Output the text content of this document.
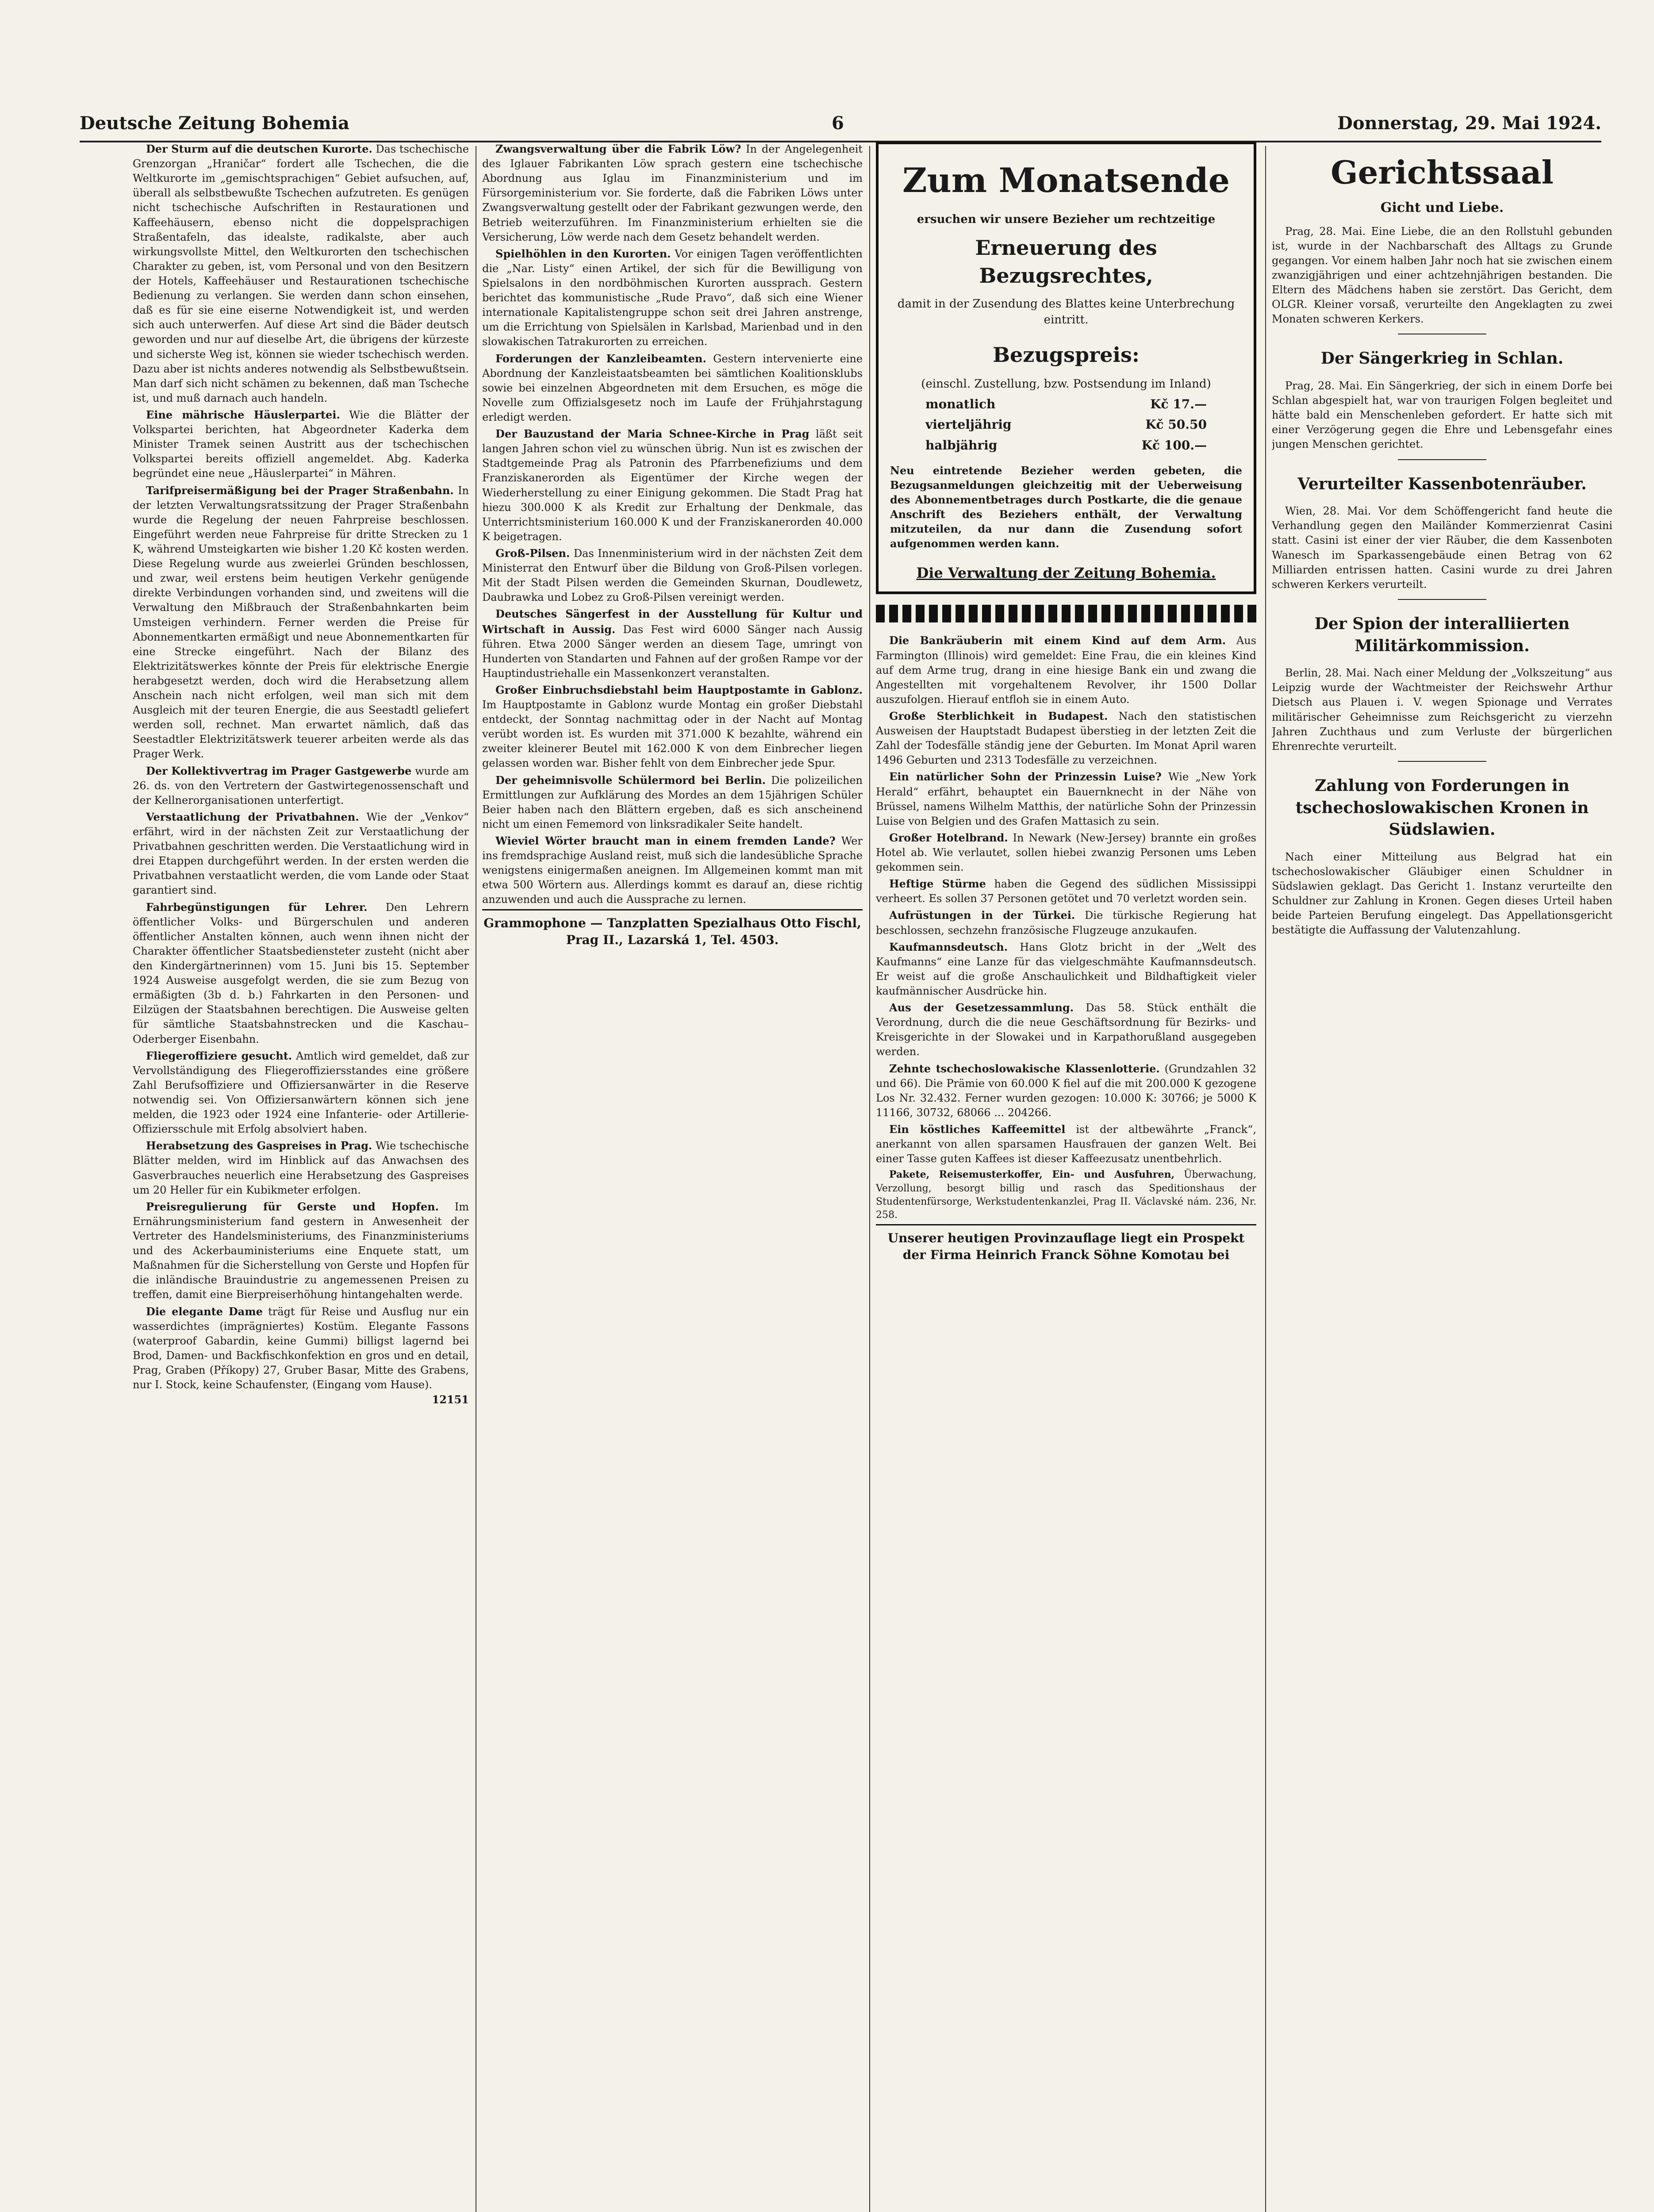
Deutsche Zeitung Bohemia	6	Donnerstag, 29. Mai 1924.

Der Sturm auf die deutschen Kurorte. Das tschechische Grenzorgan „Hraničar“ fordert alle Tschechen, die die Weltkurorte im „gemischtsprachigen“ Gebiet aufsuchen, auf, überall als selbstbewußte Tschechen aufzutreten. Es genügen nicht tschechische Aufschriften in Restaurationen und Kaffeehäusern, ebenso nicht die doppelsprachigen Straßentafeln, das idealste, radikalste, aber auch wirkungsvollste Mittel, den Weltkurorten den tschechischen Charakter zu geben, ist, vom Personal und von den Besitzern der Hotels, Kaffeehäuser und Restaurationen tschechische Bedienung zu verlangen. Sie werden dann schon einsehen, daß es für sie eine eiserne Notwendigkeit ist, und werden sich auch unterwerfen. Auf diese Art sind die Bäder deutsch geworden und nur auf dieselbe Art, die übrigens der kürzeste und sicherste Weg ist, können sie wieder tschechisch werden. Dazu aber ist nichts anderes notwendig als Selbstbewußtsein. Man darf sich nicht schämen zu bekennen, daß man Tscheche ist, und muß darnach auch handeln.

Eine mährische Häuslerpartei. Wie die Blätter der Volkspartei berichten, hat Abgeordneter Kaderka dem Minister Tramek seinen Austritt aus der tschechischen Volkspartei bereits offiziell angemeldet. Abg. Kaderka begründet eine neue „Häuslerpartei“ in Mähren.

Tarifpreisermäßigung bei der Prager Straßenbahn. In der letzten Verwaltungsratssitzung der Prager Straßenbahn wurde die Regelung der neuen Fahrpreise beschlossen. Eingeführt werden neue Fahrpreise für dritte Strecken zu 1 K, während Umsteigkarten wie bisher 1.20 Kč kosten werden. Diese Regelung wurde aus zweierlei Gründen beschlossen, und zwar, weil erstens beim heutigen Verkehr genügende direkte Verbindungen vorhanden sind, und zweitens will die Verwaltung den Mißbrauch der Straßenbahnkarten beim Umsteigen verhindern. Ferner werden die Preise für Abonnementkarten ermäßigt und neue Abonnementkarten für eine Strecke eingeführt. Nach der Bilanz des Elektrizitätswerkes könnte der Preis für elektrische Energie herabgesetzt werden, doch wird die Herabsetzung allem Anschein nach nicht erfolgen, weil man sich mit dem Ausgleich mit der teuren Energie, die aus Seestadtl geliefert werden soll, rechnet. Man erwartet nämlich, daß das Seestadtler Elektrizitätswerk teuerer arbeiten werde als das Prager Werk.

Der Kollektivvertrag im Prager Gastgewerbe wurde am 26. ds. von den Vertretern der Gastwirtegenossenschaft und der Kellnerorganisationen unterfertigt.

Verstaatlichung der Privatbahnen. Wie der „Venkov“ erfährt, wird in der nächsten Zeit zur Verstaatlichung der Privatbahnen geschritten werden. Die Verstaatlichung wird in drei Etappen durchgeführt werden. In der ersten werden die Privatbahnen verstaatlicht werden, die vom Lande oder Staat garantiert sind.

Fahrbegünstigungen für Lehrer. Den Lehrern öffentlicher Volks- und Bürgerschulen und anderen öffentlicher Anstalten können, auch wenn ihnen nicht der Charakter öffentlicher Staatsbediensteter zusteht (nicht aber den Kindergärtnerinnen) vom 15. Juni bis 15. September 1924 Ausweise ausgefolgt werden, die sie zum Bezug von ermäßigten (3b d. b.) Fahrkarten in den Personen- und Eilzügen der Staatsbahnen berechtigen. Die Ausweise gelten für sämtliche Staatsbahnstrecken und die Kaschau–Oderberger Eisenbahn.

Fliegeroffiziere gesucht. Amtlich wird gemeldet, daß zur Vervollständigung des Fliegeroffiziersstandes eine größere Zahl Berufsoffiziere und Offiziersanwärter in die Reserve notwendig sei. Von Offiziersanwärtern können sich jene melden, die 1923 oder 1924 eine Infanterie- oder Artillerie-Offiziersschule mit Erfolg absolviert haben.

Herabsetzung des Gaspreises in Prag. Wie tschechische Blätter melden, wird im Hinblick auf das Anwachsen des Gasverbrauches neuerlich eine Herabsetzung des Gaspreises um 20 Heller für ein Kubikmeter erfolgen.

Preisregulierung für Gerste und Hopfen. Im Ernährungsministerium fand gestern in Anwesenheit der Vertreter des Handelsministeriums, des Finanzministeriums und des Ackerbauministeriums eine Enquete statt, um Maßnahmen für die Sicherstellung von Gerste und Hopfen für die inländische Brauindustrie zu angemessenen Preisen zu treffen, damit eine Bierpreiserhöhung hintangehalten werde.

Die elegante Dame trägt für Reise und Ausflug nur ein wasserdichtes (imprägniertes) Kostüm. Elegante Fassons (waterproof Gabardin, keine Gummi) billigst lagernd bei Brod, Damen- und Backfischkonfektion en gros und en detail, Prag, Graben (Příkopy) 27, Gruber Basar, Mitte des Grabens, nur I. Stock, keine Schaufenster, (Eingang vom Hause).
12151

Zwangsverwaltung über die Fabrik Löw? In der Angelegenheit des Iglauer Fabrikanten Löw sprach gestern eine tschechische Abordnung aus Iglau im Finanzministerium und im Fürsorgeministerium vor. Sie forderte, daß die Fabriken Löws unter Zwangsverwaltung gestellt oder der Fabrikant gezwungen werde, den Betrieb weiterzuführen. Im Finanzministerium erhielten sie die Versicherung, Löw werde nach dem Gesetz behandelt werden.

Spielhöhlen in den Kurorten. Vor einigen Tagen veröffentlichten die „Nar. Listy“ einen Artikel, der sich für die Bewilligung von Spielsalons in den nordböhmischen Kurorten aussprach. Gestern berichtet das kommunistische „Rude Pravo“, daß sich eine Wiener internationale Kapitalistengruppe schon seit drei Jahren anstrenge, um die Errichtung von Spielsälen in Karlsbad, Marienbad und in den slowakischen Tatrakurorten zu erreichen.

Forderungen der Kanzleibeamten. Gestern intervenierte eine Abordnung der Kanzleistaatsbeamten bei sämtlichen Koalitionsklubs sowie bei einzelnen Abgeordneten mit dem Ersuchen, es möge die Novelle zum Offizialsgesetz noch im Laufe der Frühjahrstagung erledigt werden.

Der Bauzustand der Maria Schnee-Kirche in Prag läßt seit langen Jahren schon viel zu wünschen übrig. Nun ist es zwischen der Stadtgemeinde Prag als Patronin des Pfarrbenefiziums und dem Franziskanerorden als Eigentümer der Kirche wegen der Wiederherstellung zu einer Einigung gekommen. Die Stadt Prag hat hiezu 300.000 K als Kredit zur Erhaltung der Denkmale, das Unterrichtsministerium 160.000 K und der Franziskanerorden 40.000 K beigetragen.

Groß-Pilsen. Das Innenministerium wird in der nächsten Zeit dem Ministerrat den Entwurf über die Bildung von Groß-Pilsen vorlegen. Mit der Stadt Pilsen werden die Gemeinden Skurnan, Doudlewetz, Daubrawka und Lobez zu Groß-Pilsen vereinigt werden.

Deutsches Sängerfest in der Ausstellung für Kultur und Wirtschaft in Aussig. Das Fest wird 6000 Sänger nach Aussig führen. Etwa 2000 Sänger werden an diesem Tage, umringt von Hunderten von Standarten und Fahnen auf der großen Rampe vor der Hauptindustriehalle ein Massenkonzert veranstalten.

Großer Einbruchsdiebstahl beim Hauptpostamte in Gablonz. Im Hauptpostamte in Gablonz wurde Montag ein großer Diebstahl entdeckt, der Sonntag nachmittag oder in der Nacht auf Montag verübt worden ist. Es wurden mit 371.000 K bezahlte, während ein zweiter kleinerer Beutel mit 162.000 K von dem Einbrecher liegen gelassen worden war. Bisher fehlt von dem Einbrecher jede Spur.

Der geheimnisvolle Schülermord bei Berlin. Die polizeilichen Ermittlungen zur Aufklärung des Mordes an dem 15jährigen Schüler Beier haben nach den Blättern ergeben, daß es sich anscheinend nicht um einen Fememord von linksradikaler Seite handelt.

Wieviel Wörter braucht man in einem fremden Lande? Wer ins fremdsprachige Ausland reist, muß sich die landesübliche Sprache wenigstens einigermaßen aneignen. Im Allgemeinen kommt man mit etwa 500 Wörtern aus. Allerdings kommt es darauf an, diese richtig anzuwenden und auch die Aussprache zu lernen.

Grammophone — Tanzplatten Spezialhaus Otto Fischl, Prag II., Lazarská 1, Tel. 4503.
Zum Monatsende
ersuchen wir unsere Bezieher um rechtzeitige
Erneuerung des Bezugsrechtes,
damit in der Zusendung des Blattes keine Unterbrechung eintritt.
Bezugspreis:
(einschl. Zustellung, bzw. Postsendung im Inland)
monatlich	Kč 17.—
vierteljährig	Kč 50.50
halbjährig	Kč 100.—
Neu eintretende Bezieher werden gebeten, die Bezugsanmeldungen gleichzeitig mit der Ueberweisung des Abonnementbetrages durch Postkarte, die die genaue Anschrift des Beziehers enthält, der Verwaltung mitzuteilen, da nur dann die Zusendung sofort aufgenommen werden kann.
Die Verwaltung der Zeitung Bohemia.

Die Bankräuberin mit einem Kind auf dem Arm. Aus Farmington (Illinois) wird gemeldet: Eine Frau, die ein kleines Kind auf dem Arme trug, drang in eine hiesige Bank ein und zwang die Angestellten mit vorgehaltenem Revolver, ihr 1500 Dollar auszufolgen. Hierauf entfloh sie in einem Auto.

Große Sterblichkeit in Budapest. Nach den statistischen Ausweisen der Hauptstadt Budapest überstieg in der letzten Zeit die Zahl der Todesfälle ständig jene der Geburten. Im Monat April waren 1496 Geburten und 2313 Todesfälle zu verzeichnen.

Ein natürlicher Sohn der Prinzessin Luise? Wie „New York Herald“ erfährt, behauptet ein Bauernknecht in der Nähe von Brüssel, namens Wilhelm Matthis, der natürliche Sohn der Prinzessin Luise von Belgien und des Grafen Mattasich zu sein.

Großer Hotelbrand. In Newark (New-Jersey) brannte ein großes Hotel ab. Wie verlautet, sollen hiebei zwanzig Personen ums Leben gekommen sein.

Heftige Stürme haben die Gegend des südlichen Mississippi verheert. Es sollen 37 Personen getötet und 70 verletzt worden sein.

Aufrüstungen in der Türkei. Die türkische Regierung hat beschlossen, sechzehn französische Flugzeuge anzukaufen.

Kaufmannsdeutsch. Hans Glotz bricht in der „Welt des Kaufmanns“ eine Lanze für das vielgeschmähte Kaufmannsdeutsch. Er weist auf die große Anschaulichkeit und Bildhaftigkeit vieler kaufmännischer Ausdrücke hin.

Aus der Gesetzessammlung. Das 58. Stück enthält die Verordnung, durch die die neue Geschäftsordnung für Bezirks- und Kreisgerichte in der Slowakei und in Karpathorußland ausgegeben werden.

Zehnte tschechoslowakische Klassenlotterie. (Grundzahlen 32 und 66). Die Prämie von 60.000 K fiel auf die mit 200.000 K gezogene Los Nr. 32.432. Ferner wurden gezogen: 10.000 K: 30766; je 5000 K 11166, 30732, 68066 ... 204266.

Ein köstliches Kaffeemittel ist der altbewährte „Franck“, anerkannt von allen sparsamen Hausfrauen der ganzen Welt. Bei einer Tasse guten Kaffees ist dieser Kaffeezusatz unentbehrlich.

Pakete, Reisemusterkoffer, Ein- und Ausfuhren, Überwachung, Verzollung, besorgt billig und rasch das Speditionshaus der Studentenfürsorge, Werkstudentenkanzlei, Prag II. Václavské nám. 236, Nr. 258.

Unserer heutigen Provinzauflage liegt ein Prospekt der Firma Heinrich Franck Söhne Komotau bei
Gerichtssaal
Gicht und Liebe.

Prag, 28. Mai. Eine Liebe, die an den Rollstuhl gebunden ist, wurde in der Nachbarschaft des Alltags zu Grunde gegangen. Vor einem halben Jahr noch hat sie zwischen einem zwanzigjährigen und einer achtzehnjährigen bestanden. Die Eltern des Mädchens haben sie zerstört. Das Gericht, dem OLGR. Kleiner vorsaß, verurteilte den Angeklagten zu zwei Monaten schweren Kerkers.

Der Sängerkrieg in Schlan.

Prag, 28. Mai. Ein Sängerkrieg, der sich in einem Dorfe bei Schlan abgespielt hat, war von traurigen Folgen begleitet und hätte bald ein Menschenleben gefordert. Er hatte sich mit einer Verzögerung gegen die Ehre und Lebensgefahr eines jungen Menschen gerichtet.

Verurteilter Kassenbotenräuber.

Wien, 28. Mai. Vor dem Schöffengericht fand heute die Verhandlung gegen den Mailänder Kommerzienrat Casini statt. Casini ist einer der vier Räuber, die dem Kassenboten Wanesch im Sparkassengebäude einen Betrag von 62 Milliarden entrissen hatten. Casini wurde zu drei Jahren schweren Kerkers verurteilt.

Der Spion der interalliierten Militärkommission.

Berlin, 28. Mai. Nach einer Meldung der „Volkszeitung“ aus Leipzig wurde der Wachtmeister der Reichswehr Arthur Dietsch aus Plauen i. V. wegen Spionage und Verrates militärischer Geheimnisse zum Reichsgericht zu vierzehn Jahren Zuchthaus und zum Verluste der bürgerlichen Ehrenrechte verurteilt.

Zahlung von Forderungen in tschechoslowakischen Kronen in Südslawien.

Nach einer Mitteilung aus Belgrad hat ein tschechoslowakischer Gläubiger einen Schuldner in Südslawien geklagt. Das Gericht 1. Instanz verurteilte den Schuldner zur Zahlung in Kronen. Gegen dieses Urteil haben beide Parteien Berufung eingelegt. Das Appellationsgericht bestätigte die Auffassung der Valutenzahlung.
